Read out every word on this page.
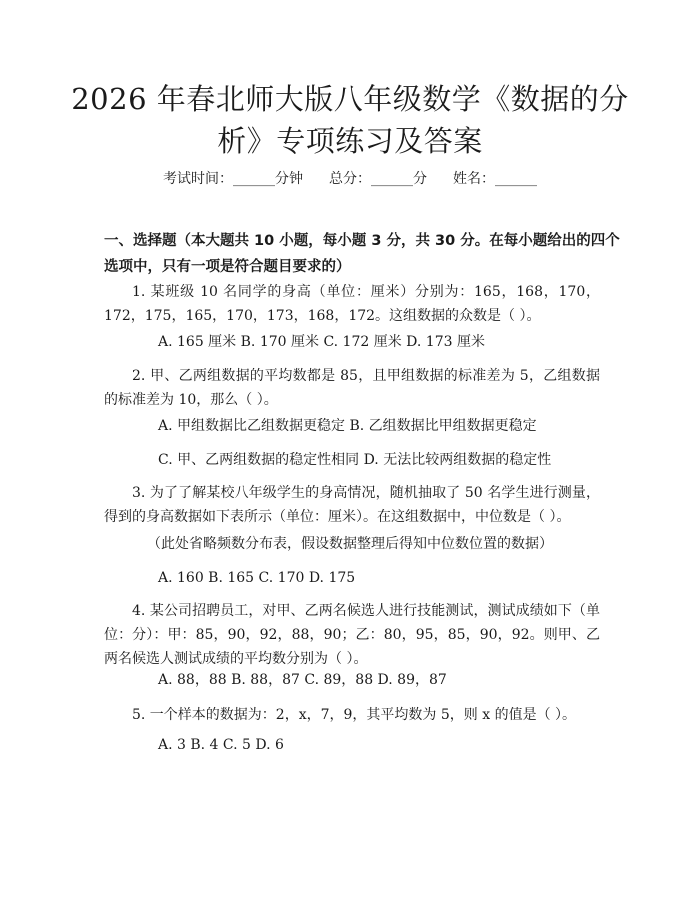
2026 年春北师大版八年级数学《数据的分
析》专项练习及答案
考试时间：______分钟 总分：______分 姓名：______
一、选择题（本大题共 10 小题，每小题 3 分，共 30 分。在每小题给出的四个选项中，只有一项是符合题目要求的）
1. 某班级 10 名同学的身高（单位：厘米）分别为：165，168，170，172，175，165，170，173，168，172。这组数据的众数是（ ）。
A. 165 厘米 B. 170 厘米 C. 172 厘米 D. 173 厘米
2. 甲、乙两组数据的平均数都是 85，且甲组数据的标准差为 5，乙组数据的标准差为 10，那么（ ）。
A. 甲组数据比乙组数据更稳定 B. 乙组数据比甲组数据更稳定
C. 甲、乙两组数据的稳定性相同 D. 无法比较两组数据的稳定性
3. 为了了解某校八年级学生的身高情况，随机抽取了 50 名学生进行测量，得到的身高数据如下表所示（单位：厘米）。在这组数据中，中位数是（ ）。
（此处省略频数分布表，假设数据整理后得知中位数位置的数据）
A. 160 B. 165 C. 170 D. 175
4. 某公司招聘员工，对甲、乙两名候选人进行技能测试，测试成绩如下（单位：分）：甲：85，90，92，88，90；乙：80，95，85，90，92。则甲、乙两名候选人测试成绩的平均数分别为（ ）。
A. 88，88 B. 88，87 C. 89，88 D. 89，87
5. 一个样本的数据为：2，x，7，9，其平均数为 5，则 x 的值是（ ）。
A. 3 B. 4 C. 5 D. 6
